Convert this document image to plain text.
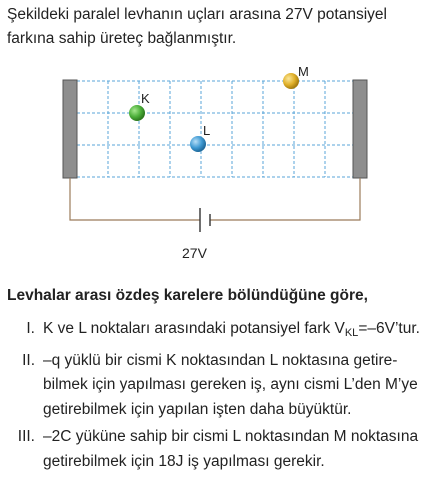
Şekildeki paralel levhanın uçları arasına 27V potansiyel farkına sahip üreteç bağlanmıştır.
K
L
M
27V
Levhalar arası özdeş karelere bölündüğüne göre,
I. K ve L noktaları arasındaki potansiyel fark $V_{KL}=-6V’tur$.
II. –q yüklü bir cismi K noktasından L noktasına getirebilmek için yapılması gereken iş, aynı cismi L’den M’ye getirebilmek için yapılan işten daha büyüktür.
III. –2C yüküne sahip bir cismi L noktasından M noktasına getirebilmek için 18J iş yapılması gerekir.
